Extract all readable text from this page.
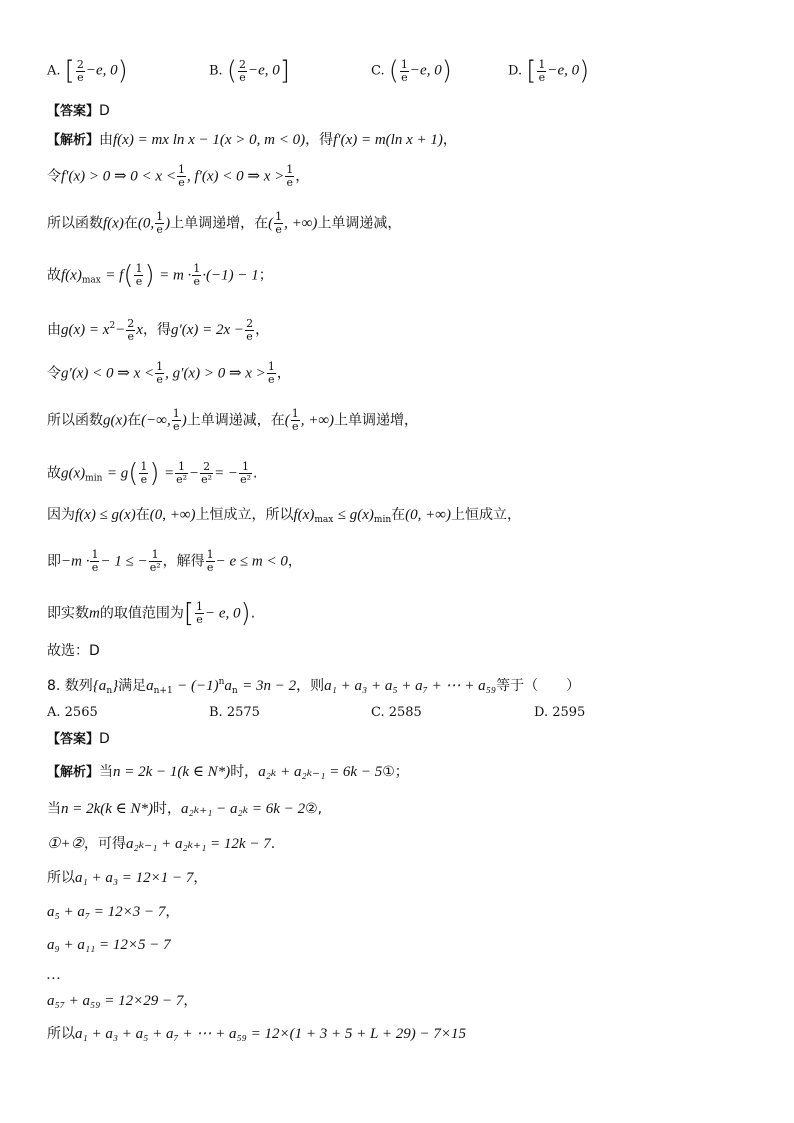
A. [ $\frac{2}{e} -e$, 0)	B. ( $\frac{2}{e} -e$, 0]	C. ( $\frac{1}{e} -e$, 0)	D. [ $\frac{1}{e} -e$, 0)
【答案】D
【解析】由f(x) = mx ln x − 1(x > 0, m < 0)，得f′(x) = m(ln x + 1)，
令f′(x) > 0 ⇒ $0 < x < \frac{1}{e}$ , f′(x) < 0 ⇒ $x > \frac{1}{e}$ ，
所以函数f(x)在(0, $\frac{1}{e}$ )上单调递增，在( $\frac{1}{e}$ , +∞)上单调递减，
故$f(x)_{max} = f( \frac{1}{e}$ ) = $m \cdot \frac{1}{e} \cdot(-1) - 1$；
由$g(x) = x^2- \frac{2}{e}$ x，得$g'(x) = 2x - \frac{2}{e}$ ，
令g′(x) < 0 ⇒ $x < \frac{1}{e}$ , g′(x) > 0 ⇒ $x > \frac{1}{e}$ ，
所以函数g(x)在(−∞, $\frac{1}{e}$ )上单调递减，在( $\frac{1}{e}$ , +∞)上单调递增，
故$g(x)_{min} = g( \frac{1}{e}$ ) = $\frac{1}{\text{e²}} - \frac{2}{\text{e²}}$ = − $\frac{1}{\text{e²}}$ .
因为f(x) ≤ g(x)在(0, +∞)上恒成立，所以$f(x)_{max} \le g(x)_{min}$在(0, +∞)上恒成立，
即$-m \cdot \frac{1}{e} - 1$ ≤ − $\frac{1}{\text{e²}}$ ，解得 $\frac{1}{e} - e \le m < 0$，
即实数m的取值范围为[ $\frac{1}{e} - e$, 0).
故选：D
8. 数列$\{a_n\}$满足$a_{n+1} - (-1)^na_n = 3n - 2$，则a₁ + a₃ + a₅ + a₇ + ⋯ + a₅₉等于（　　）
A. 2565	B. 2575	C. 2585	D. 2595
【答案】D
【解析】当n = 2k − 1(k ∈ N*)时，a₂ₖ + a₂ₖ₋₁ = 6k − 5①；
当n = 2k(k ∈ N*)时，a₂ₖ₊₁ − a₂ₖ = 6k − 2②,
①+②，可得a₂ₖ₋₁ + a₂ₖ₊₁ = 12k − 7.
所以a₁ + a₃ = 12×1 − 7，
a₅ + a₇ = 12×3 − 7，
a₉ + a₁₁ = 12×5 − 7
…
a₅₇ + a₅₉ = 12×29 − 7，
所以a₁ + a₃ + a₅ + a₇ + ⋯ + a₅₉ = 12×(1 + 3 + 5 + L + 29) − 7×15
